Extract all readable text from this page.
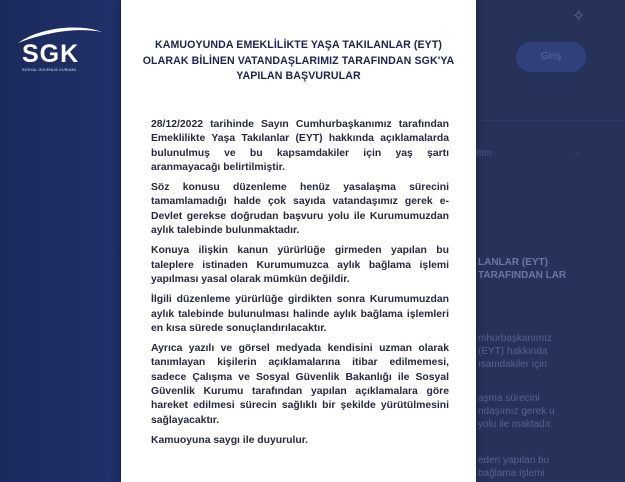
SGK
SOSYAL GÜVENLİK KURUMU
✧
Giriş
ttim	...
LANLAR (EYT) TARAFINDAN LAR
mhurbaşkanımız (EYT) hakkında ısamdakiler için
aşma sürecini ndaşımız gerek u yolu ile maktadır.
eden yapılan bu bağlama işlemi
KAMUOYUNDA EMEKLİLİKTE YAŞA TAKILANLAR (EYT) OLARAK BİLİNEN VATANDAŞLARIMIZ TARAFINDAN SGK'YA YAPILAN BAŞVURULAR

28/12/2022 tarihinde Sayın Cumhurbaşkanımız tarafından Emeklilikte Yaşa Takılanlar (EYT) hakkında açıklamalarda bulunulmuş ve bu kapsamdakiler için yaş şartı aranmayacağı belirtilmiştir.

Söz konusu düzenleme henüz yasalaşma sürecini tamamlamadığı halde çok sayıda vatandaşımız gerek e-Devlet gerekse doğrudan başvuru yolu ile Kurumumuzdan aylık talebinde bulunmaktadır.

Konuya ilişkin kanun yürürlüğe girmeden yapılan bu taleplere istinaden Kurumumuzca aylık bağlama işlemi yapılması yasal olarak mümkün değildir.

İlgili düzenleme yürürlüğe girdikten sonra Kurumumuzdan aylık talebinde bulunulması halinde aylık bağlama işlemleri en kısa sürede sonuçlandırılacaktır.

Ayrıca yazılı ve görsel medyada kendisini uzman olarak tanımlayan kişilerin açıklamalarına itibar edilmemesi, sadece Çalışma ve Sosyal Güvenlik Bakanlığı ile Sosyal Güvenlik Kurumu tarafından yapılan açıklamalara göre hareket edilmesi sürecin sağlıklı bir şekilde yürütülmesini sağlayacaktır.

Kamuoyuna saygı ile duyurulur.
